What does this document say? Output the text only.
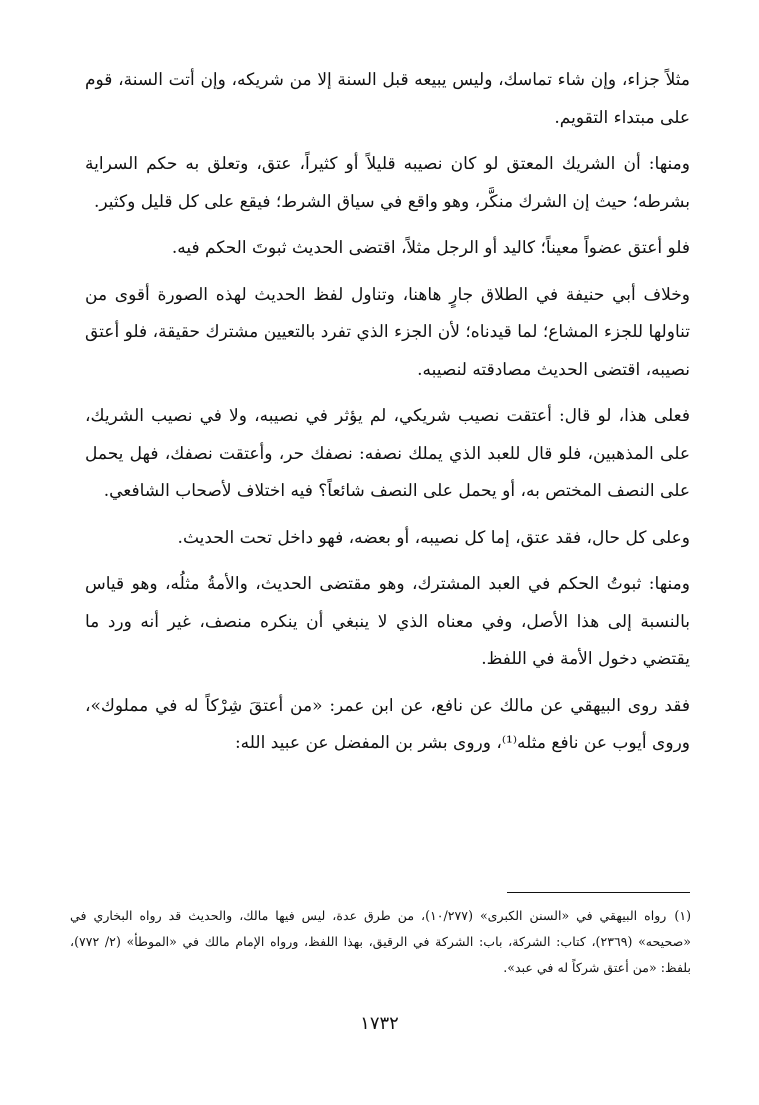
مثلاً جزاء، وإن شاء تماسك، وليس يبيعه قبل السنة إلا من شريكه، وإن أتت السنة، قوم على مبتداء التقويم.

ومنها: أن الشريك المعتق لو كان نصيبه قليلاً أو كثيراً، عتق، وتعلق به حكم السراية بشرطه؛ حيث إن الشرك منكَّر، وهو واقع في سياق الشرط؛ فيقع على كل قليل وكثير.

فلو أعتق عضواً معيناً؛ كاليد أو الرجل مثلاً، اقتضى الحديث ثبوتَ الحكم فيه.

وخلاف أبي حنيفة في الطلاق جارٍ هاهنا، وتناول لفظ الحديث لهذه الصورة أقوى من تناولها للجزء المشاع؛ لما قيدناه؛ لأن الجزء الذي تفرد بالتعيين مشترك حقيقة، فلو أعتق نصيبه، اقتضى الحديث مصادقته لنصيبه.

فعلى هذا، لو قال: أعتقت نصيب شريكي، لم يؤثر في نصيبه، ولا في نصيب الشريك، على المذهبين، فلو قال للعبد الذي يملك نصفه: نصفك حر، وأعتقت نصفك، فهل يحمل على النصف المختص به، أو يحمل على النصف شائعاً؟ فيه اختلاف لأصحاب الشافعي.

وعلى كل حال، فقد عتق، إما كل نصيبه، أو بعضه، فهو داخل تحت الحديث.

ومنها: ثبوتُ الحكم في العبد المشترك، وهو مقتضى الحديث، والأمةُ مثلُه، وهو قياس بالنسبة إلى هذا الأصل، وفي معناه الذي لا ينبغي أن ينكره منصف، غير أنه ورد ما يقتضي دخول الأمة في اللفظ.

فقد روى البيهقي عن مالك عن نافع، عن ابن عمر: «من أعتقَ شِرْكاً له في مملوك»، وروى أيوب عن نافع مثله⁽¹⁾، وروى بشر بن المفضل عن عبيد الله:

(١)رواه البيهقي في «السنن الكبرى» (١٠/٢٧٧)، من طرق عدة، ليس فيها مالك، والحديث قد رواه البخاري في «صحيحه» (٢٣٦٩)، كتاب: الشركة، باب: الشركة في الرقيق، بهذا اللفظ، ورواه الإمام مالك في «الموطأ» (٢/ ٧٧٢)، بلفظ: «من أعتق شركاً له في عبد».
١٧٣٢
